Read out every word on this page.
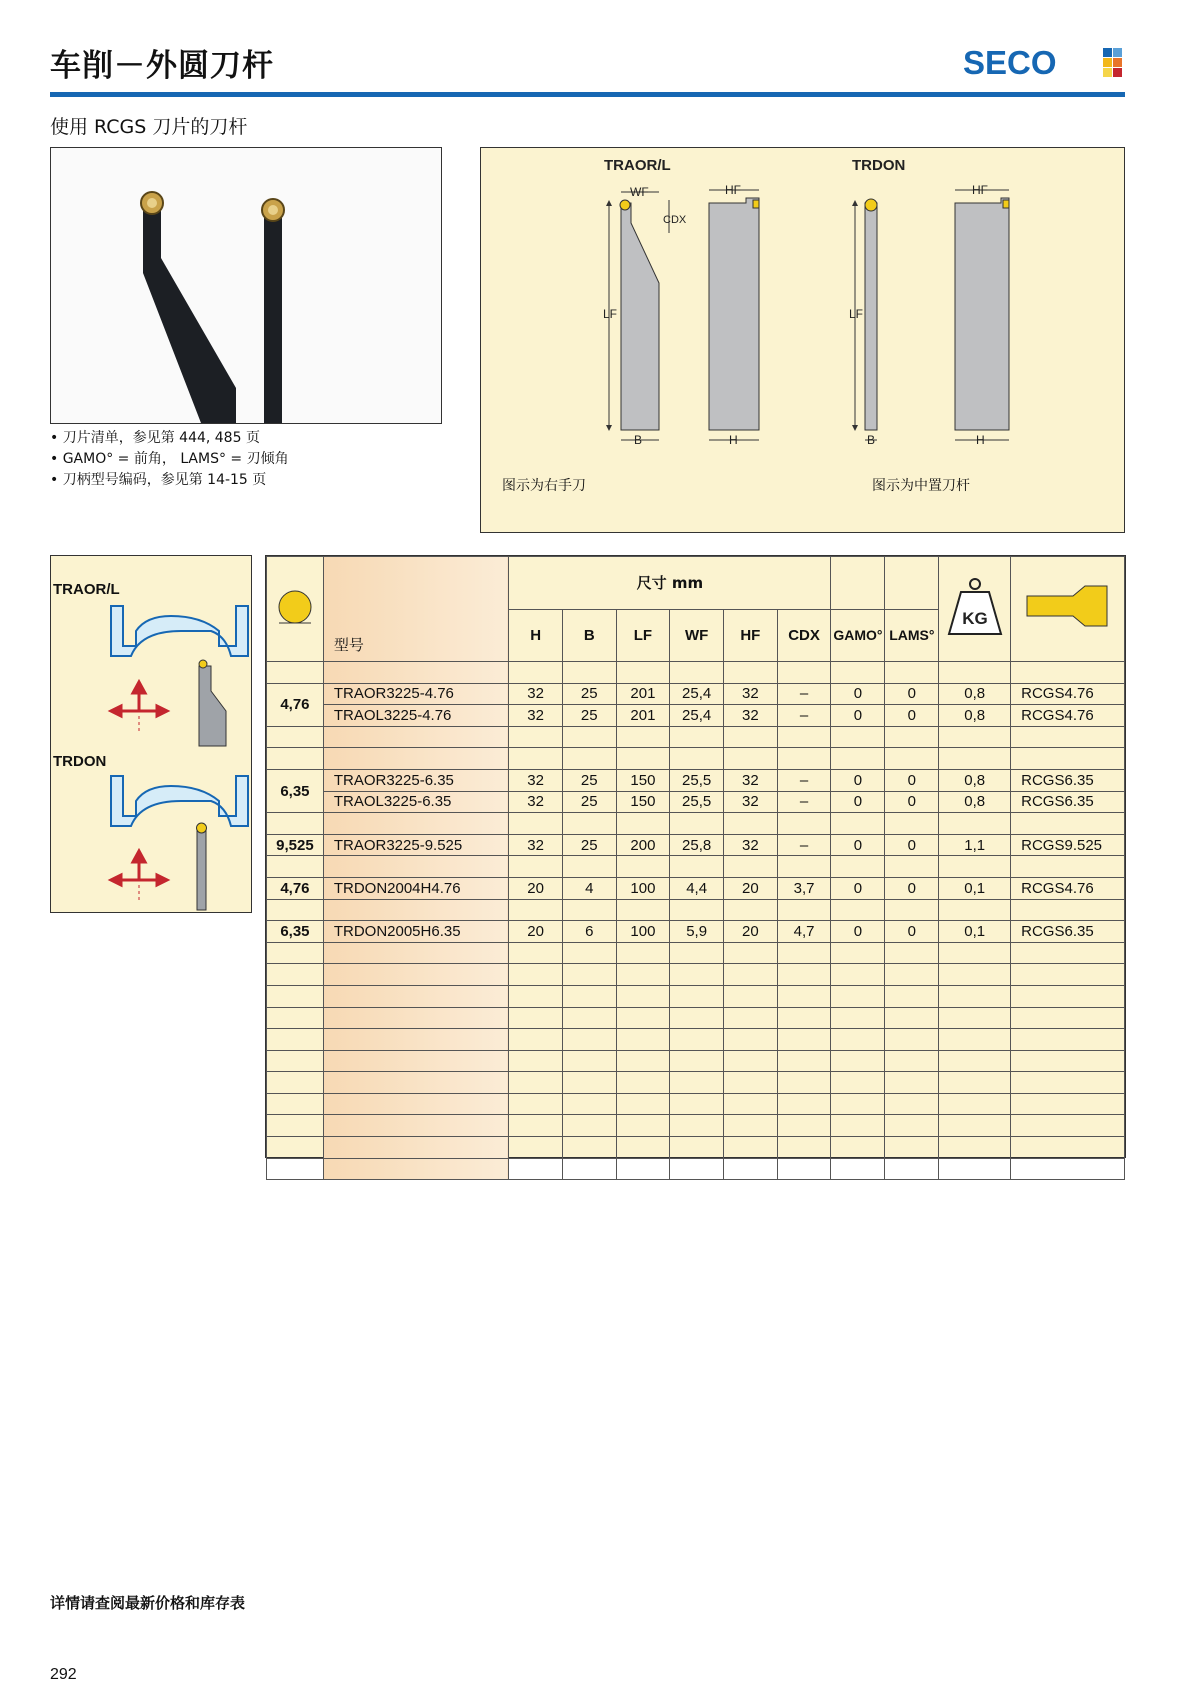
车削－外圆刀杆	SECO
使用 RCGS 刀片的刀杆
• 刀片清单，参见第 444, 485 页
• GAMO° = 前角， LAMS° = 刃倾角
• 刀柄型号编码，参见第 14-15 页
TRAOR/L	TRDON
LF
WF
CDX
B
HF
H
LF
B
HF
H
图示为右手刀	图示为中置刀杆
TRAOR/L
TRDON
	型号	尺寸 mm								KG

		H	B	LF	WF	HF	CDX	GAMO°	LAMS°		

4,76	TRAOR3225-4.76	32	25	201	25,4	32	–	0	0	0,8	RCGS4.76
	TRAOL3225-4.76	32	25	201	25,4	32	–	0	0	0,8	RCGS4.76

6,35	TRAOR3225-6.35	32	25	150	25,5	32	–	0	0	0,8	RCGS6.35
	TRAOL3225-6.35	32	25	150	25,5	32	–	0	0	0,8	RCGS6.35

9,525	TRAOR3225-9.525	32	25	200	25,8	32	–	0	0	1,1	RCGS9.525

4,76	TRDON2004H4.76	20	4	100	4,4	20	3,7	0	0	0,1	RCGS4.76

6,35	TRDON2005H6.35	20	6	100	5,9	20	4,7	0	0	0,1	RCGS6.35

详情请查阅最新价格和库存表
292
